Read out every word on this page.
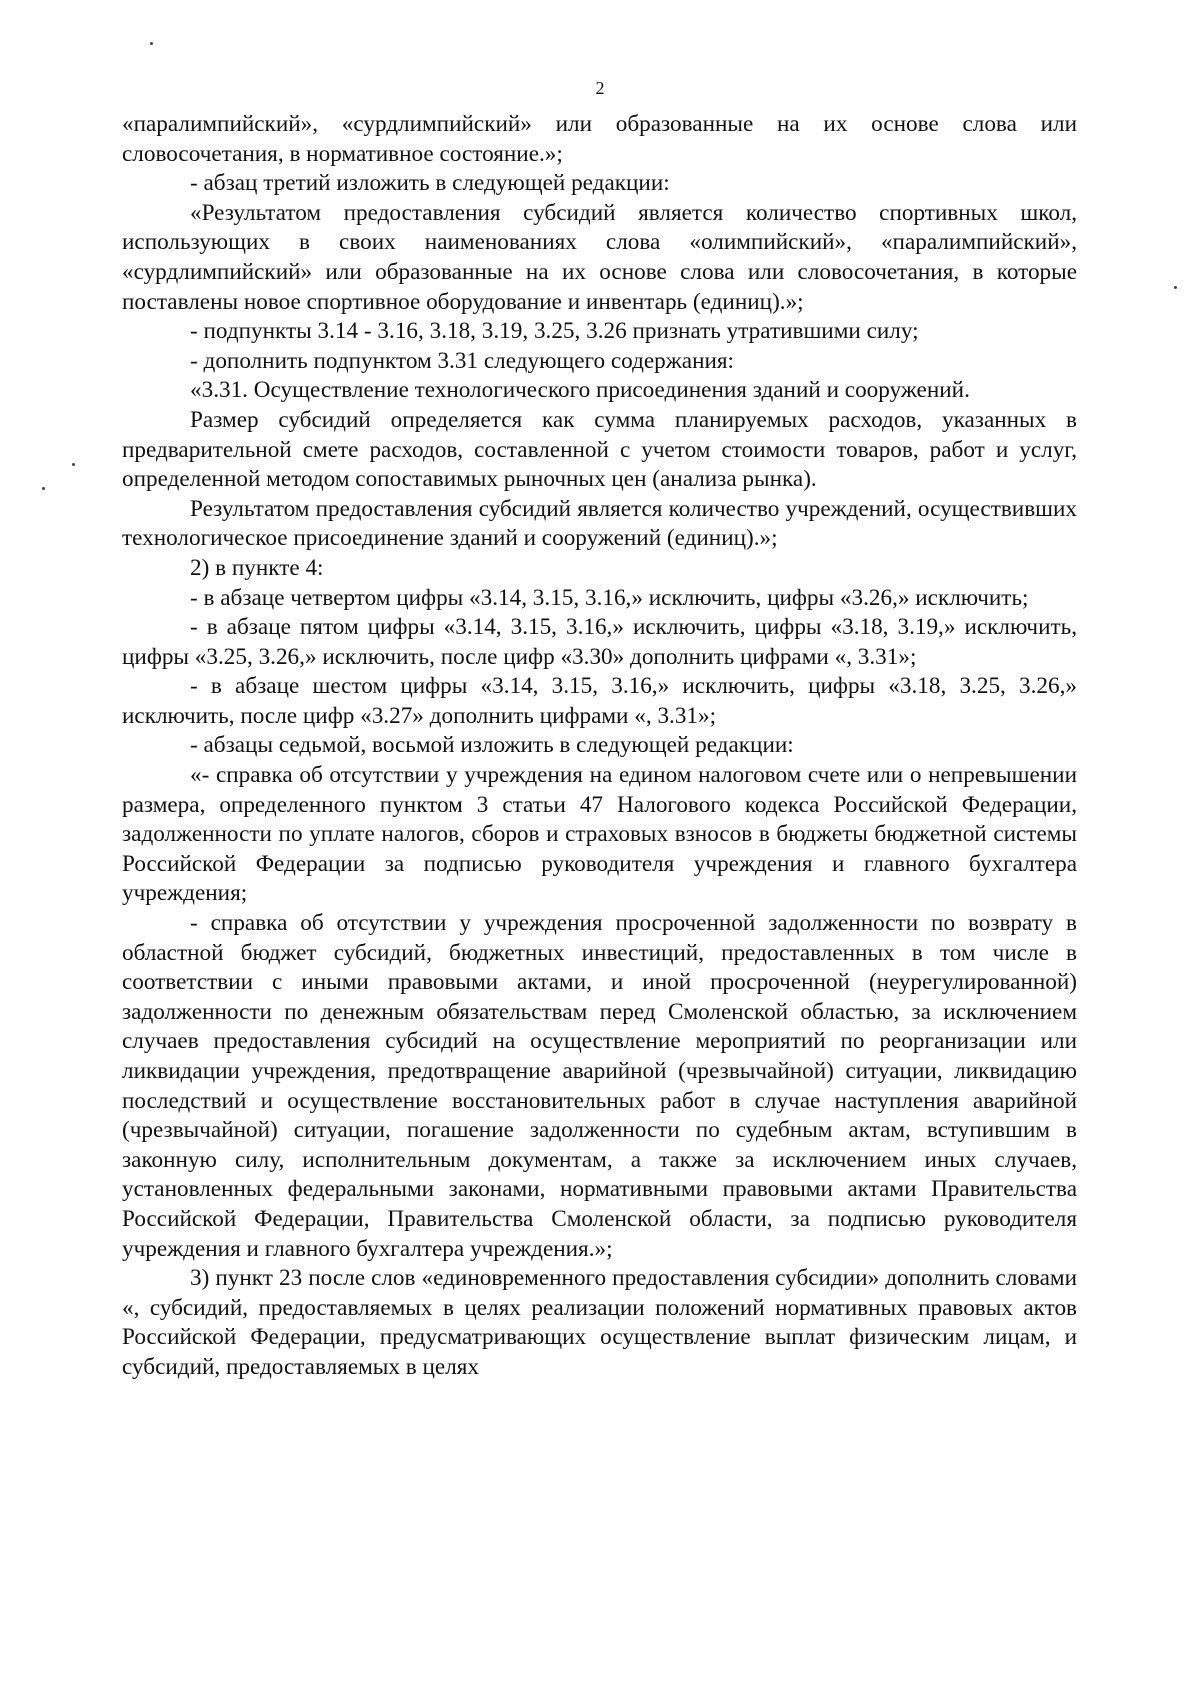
2

«паралимпийский», «сурдлимпийский» или образованные на их основе слова или словосочетания, в нормативное состояние.»;

- абзац третий изложить в следующей редакции:

«Результатом предоставления субсидий является количество спортивных школ, использующих в своих наименованиях слова «олимпийский», «паралимпийский», «сурдлимпийский» или образованные на их основе слова или словосочетания, в которые поставлены новое спортивное оборудование и инвентарь (единиц).»;

- подпункты 3.14 - 3.16, 3.18, 3.19, 3.25, 3.26 признать утратившими силу;

- дополнить подпунктом 3.31 следующего содержания:

«3.31. Осуществление технологического присоединения зданий и сооружений.

Размер субсидий определяется как сумма планируемых расходов, указанных в предварительной смете расходов, составленной с учетом стоимости товаров, работ и услуг, определенной методом сопоставимых рыночных цен (анализа рынка).

Результатом предоставления субсидий является количество учреждений, осуществивших технологическое присоединение зданий и сооружений (единиц).»;

2) в пункте 4:

- в абзаце четвертом цифры «3.14, 3.15, 3.16,» исключить, цифры «3.26,» исключить;

- в абзаце пятом цифры «3.14, 3.15, 3.16,» исключить, цифры «3.18, 3.19,» исключить, цифры «3.25, 3.26,» исключить, после цифр «3.30» дополнить цифрами «, 3.31»;

- в абзаце шестом цифры «3.14, 3.15, 3.16,» исключить, цифры «3.18, 3.25, 3.26,» исключить, после цифр «3.27» дополнить цифрами «, 3.31»;

- абзацы седьмой, восьмой изложить в следующей редакции:

«- справка об отсутствии у учреждения на едином налоговом счете или о непревышении размера, определенного пунктом 3 статьи 47 Налогового кодекса Российской Федерации, задолженности по уплате налогов, сборов и страховых взносов в бюджеты бюджетной системы Российской Федерации за подписью руководителя учреждения и главного бухгалтера учреждения;

- справка об отсутствии у учреждения просроченной задолженности по возврату в областной бюджет субсидий, бюджетных инвестиций, предоставленных в том числе в соответствии с иными правовыми актами, и иной просроченной (неурегулированной) задолженности по денежным обязательствам перед Смоленской областью, за исключением случаев предоставления субсидий на осуществление мероприятий по реорганизации или ликвидации учреждения, предотвращение аварийной (чрезвычайной) ситуации, ликвидацию последствий и осуществление восстановительных работ в случае наступления аварийной (чрезвычайной) ситуации, погашение задолженности по судебным актам, вступившим в законную силу, исполнительным документам, а также за исключением иных случаев, установленных федеральными законами, нормативными правовыми актами Правительства Российской Федерации, Правительства Смоленской области, за подписью руководителя учреждения и главного бухгалтера учреждения.»;

3) пункт 23 после слов «единовременного предоставления субсидии» дополнить словами «, субсидий, предоставляемых в целях реализации положений нормативных правовых актов Российской Федерации, предусматривающих осуществление выплат физическим лицам, и субсидий, предоставляемых в целях
